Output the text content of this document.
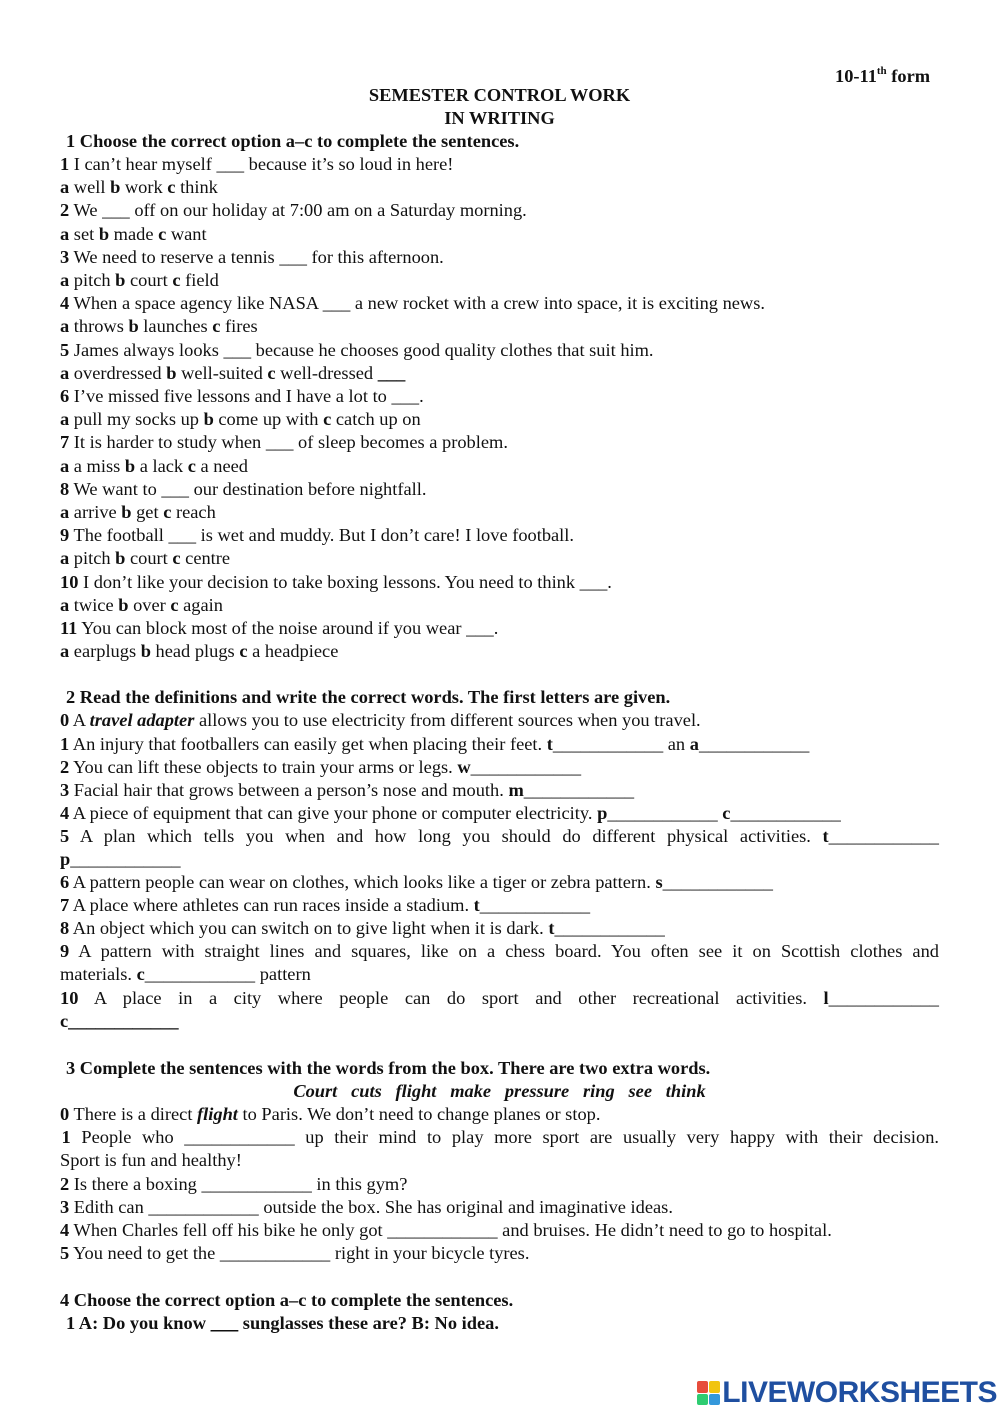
10-11th form
SEMESTER CONTROL WORK
IN WRITING
1 Choose the correct option a–c to complete the sentences.
1 I can’t hear myself ___ because it’s so loud in here!
a well b work c think
2 We ___ off on our holiday at 7:00 am on a Saturday morning.
a set b made c want
3 We need to reserve a tennis ___ for this afternoon.
a pitch b court c field
4 When a space agency like NASA ___ a new rocket with a crew into space, it is exciting news.
a throws b launches c fires
5 James always looks ___ because he chooses good quality clothes that suit him.
a overdressed b well-suited c well-dressed ___
6 I’ve missed five lessons and I have a lot to ___.
a pull my socks up b come up with c catch up on
7 It is harder to study when ___ of sleep becomes a problem.
a a miss b a lack c a need
8 We want to ___ our destination before nightfall.
a arrive b get c reach
9 The football ___ is wet and muddy. But I don’t care! I love football.
a pitch b court c centre
10 I don’t like your decision to take boxing lessons. You need to think ___.
a twice b over c again
11 You can block most of the noise around if you wear ___.
a earplugs b head plugs c a headpiece
2 Read the definitions and write the correct words. The first letters are given.
0 A travel adapter allows you to use electricity from different sources when you travel.
1 An injury that footballers can easily get when placing their feet. t____________ an a____________
2 You can lift these objects to train your arms or legs. w____________
3 Facial hair that grows between a person’s nose and mouth. m____________
4 A piece of equipment that can give your phone or computer electricity. p____________ c____________
5 A plan which tells you when and how long you should do different physical activities. t____________
p____________
6 A pattern people can wear on clothes, which looks like a tiger or zebra pattern. s____________
7 A place where athletes can run races inside a stadium. t____________
8 An object which you can switch on to give light when it is dark. t____________
9 A pattern with straight lines and squares, like on a chess board. You often see it on Scottish clothes and
materials. c____________ pattern
10 A place in a city where people can do sport and other recreational activities. l____________
c____________
3 Complete the sentences with the words from the box. There are two extra words.
Court   cuts   flight   make   pressure   ring   see   think
0 There is a direct flight to Paris. We don’t need to change planes or stop.
 1 People who ____________ up their mind to play more sport are usually very happy with their decision.
Sport is fun and healthy!
2 Is there a boxing ____________ in this gym?
3 Edith can ____________ outside the box. She has original and imaginative ideas.
4 When Charles fell off his bike he only got ____________ and bruises. He didn’t need to go to hospital.
5 You need to get the ____________ right in your bicycle tyres.
4 Choose the correct option a–c to complete the sentences.
1 A: Do you know ___ sunglasses these are? B: No idea.
LIVEWORKSHEETS
